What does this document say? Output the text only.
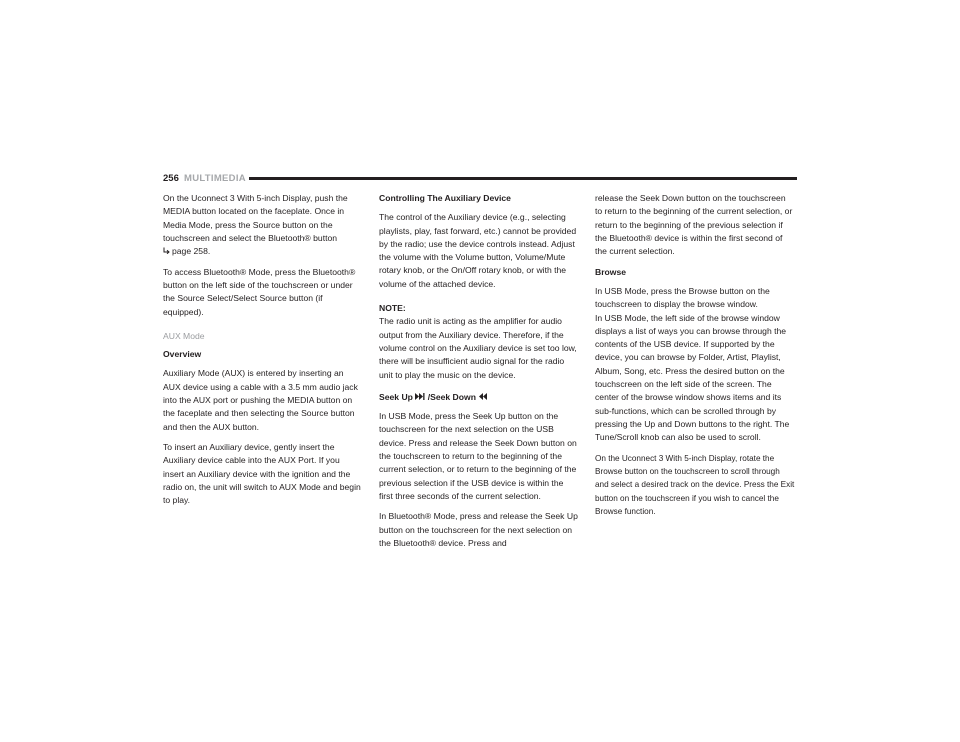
256 MULTIMEDIA

On the Uconnect 3 With 5-inch Display, push the MEDIA button located on the faceplate. Once in Media Mode, press the Source button on the touchscreen and select the Bluetooth® button
page 258.

To access Bluetooth® Mode, press the Bluetooth® button on the left side of the touchscreen or under the Source Select/Select Source button (if equipped).

AUX Mode

Overview

Auxiliary Mode (AUX) is entered by inserting an AUX device using a cable with a 3.5 mm audio jack into the AUX port or pushing the MEDIA button on the faceplate and then selecting the Source button and then the AUX button.

To insert an Auxiliary device, gently insert the Auxiliary device cable into the AUX Port. If you insert an Auxiliary device with the ignition and the radio on, the unit will switch to AUX Mode and begin to play.

Controlling The Auxiliary Device

The control of the Auxiliary device (e.g., selecting playlists, play, fast forward, etc.) cannot be provided by the radio; use the device controls instead. Adjust the volume with the Volume button, Volume/Mute rotary knob, or the On/Off rotary knob, or with the volume of the attached device.

NOTE:

The radio unit is acting as the amplifier for audio output from the Auxiliary device. Therefore, if the volume control on the Auxiliary device is set too low, there will be insufficient audio signal for the radio unit to play the music on the device.

Seek Up /Seek Down

In USB Mode, press the Seek Up button on the touchscreen for the next selection on the USB device. Press and release the Seek Down button on the touchscreen to return to the beginning of the current selection, or to return to the beginning of the previous selection if the USB device is within the first three seconds of the current selection.

In Bluetooth® Mode, press and release the Seek Up button on the touchscreen for the next selection on the Bluetooth® device. Press and

release the Seek Down button on the touchscreen to return to the beginning of the current selection, or return to the beginning of the previous selection if the Bluetooth® device is within the first second of the current selection.

Browse

In USB Mode, press the Browse button on the touchscreen to display the browse window.
In USB Mode, the left side of the browse window displays a list of ways you can browse through the contents of the USB device. If supported by the device, you can browse by Folder, Artist, Playlist, Album, Song, etc. Press the desired button on the touchscreen on the left side of the screen. The center of the browse window shows items and its sub-functions, which can be scrolled through by pressing the Up and Down buttons to the right. The Tune/Scroll knob can also be used to scroll.

On the Uconnect 3 With 5-inch Display, rotate the Browse button on the touchscreen to scroll through and select a desired track on the device. Press the Exit button on the touchscreen if you wish to cancel the Browse function.
